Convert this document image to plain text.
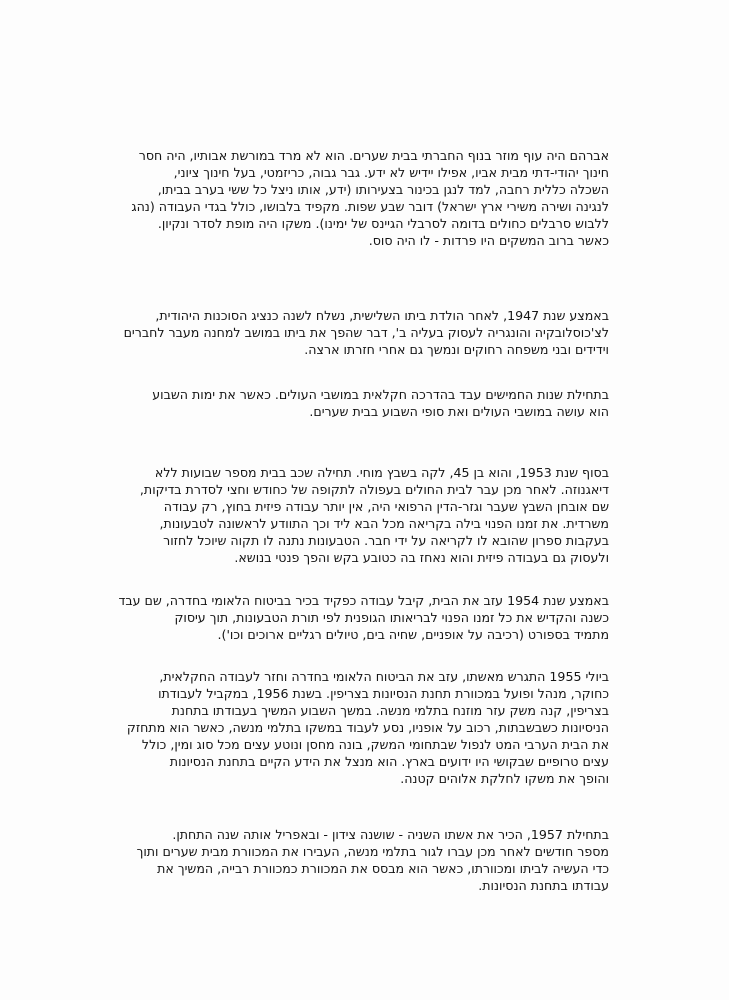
אברהם היה עוף מוזר בנוף החברתי בבית שערים. הוא לא מרד במורשת אבותיו, היה חסר
חינוך יהודי-דתי מבית אביו, אפילו יידיש לא ידע. גבר גבוה, כריזמטי, בעל חינוך ציוני,
השכלה כללית רחבה, למד לנגן בכינור בצעירותו (ידע, אותו ניצל כל ששי בערב בביתו,
לנגינה ושירה משירי ארץ ישראל) דובר שבע שפות. מקפיד בלבושו, כולל בגדי העבודה (נהג
ללבוש סרבלים כחולים בדומה לסרבלי הגיינס של ימינו). משקו היה מופת לסדר ונקיון.
כאשר ברוב המשקים היו פרדות - לו היה סוס.
באמצע שנת 1947, לאחר הולדת ביתו השלישית, נשלח לשנה כנציג הסוכנות היהודית,
לצ'כוסלובקיה והונגריה לעסוק בעליה ב', דבר שהפך את ביתו במושב למחנה מעבר לחברים
וידידים ובני משפחה רחוקים ונמשך גם אחרי חזרתו ארצה.
בתחילת שנות החמישים עבד בהדרכה חקלאית במושבי העולים. כאשר את ימות השבוע
הוא עושה במושבי העולים ואת סופי השבוע בבית שערים.
בסוף שנת 1953, והוא בן 45, לקה בשבץ מוחי. תחילה שכב בבית מספר שבועות ללא
דיאגנוזה. לאחר מכן עבר לבית החולים בעפולה לתקופה של כחודש וחצי לסדרת בדיקות,
שם אובחן השבץ שעבר וגזר-הדין הרפואי היה, אין יותר עבודה פיזית בחוץ, רק עבודה
משרדית. את זמנו הפנוי בילה בקריאה מכל הבא ליד וכך התוודע לראשונה לטבעונות,
בעקבות ספרון שהובא לו לקריאה על ידי חבר. הטבעונות נתנה לו תקוה שיוכל לחזור
ולעסוק גם בעבודה פיזית והוא נאחז בה כטובע בקש והפך פנטי בנושא.
באמצע שנת 1954 עזב את הבית, קיבל עבודה כפקיד בכיר בביטוח הלאומי בחדרה, שם עבד
כשנה והקדיש את כל זמנו הפנוי לבריאותו הגופנית לפי תורת הטבעונות, תוך עיסוק
מתמיד בספורט (רכיבה על אופניים, שחיה בים, טיולים רגליים ארוכים וכו').
ביולי 1955 התגרש מאשתו, עזב את הביטוח הלאומי בחדרה וחזר לעבודה החקלאית,
כחוקר, מנהל ופועל במכוורת תחנת הנסיונות בצריפין. בשנת 1956, במקביל לעבודתו
בצריפין, קנה משק עזר מוזנח בתלמי מנשה. במשך השבוע המשיך בעבודתו בתחנת
הניסיונות כשבשבתות, רכוב על אופניו, נסע לעבוד במשקו בתלמי מנשה, כאשר הוא מתחזק
את הבית הערבי המט לנפול שבתחומי המשק, בונה מחסן ונוטע עצים מכל סוג ומין, כולל
עצים טרופיים שבקושי היו ידועים בארץ. הוא מנצל את הידע הקיים בתחנת הנסיונות
והופך את משקו לחלקת אלוהים קטנה.
בתחילת 1957, הכיר את אשתו השניה - שושנה צידון - ובאפריל אותה שנה התחתן.
מספר חודשים לאחר מכן עברו לגור בתלמי מנשה, העבירו את המכוורת מבית שערים ותוך
כדי העשיה לביתו ומכוורתו, כאשר הוא מבסס את המכוורת כמכוורת רבייה, המשיך את
עבודתו בתחנת הנסיונות.
